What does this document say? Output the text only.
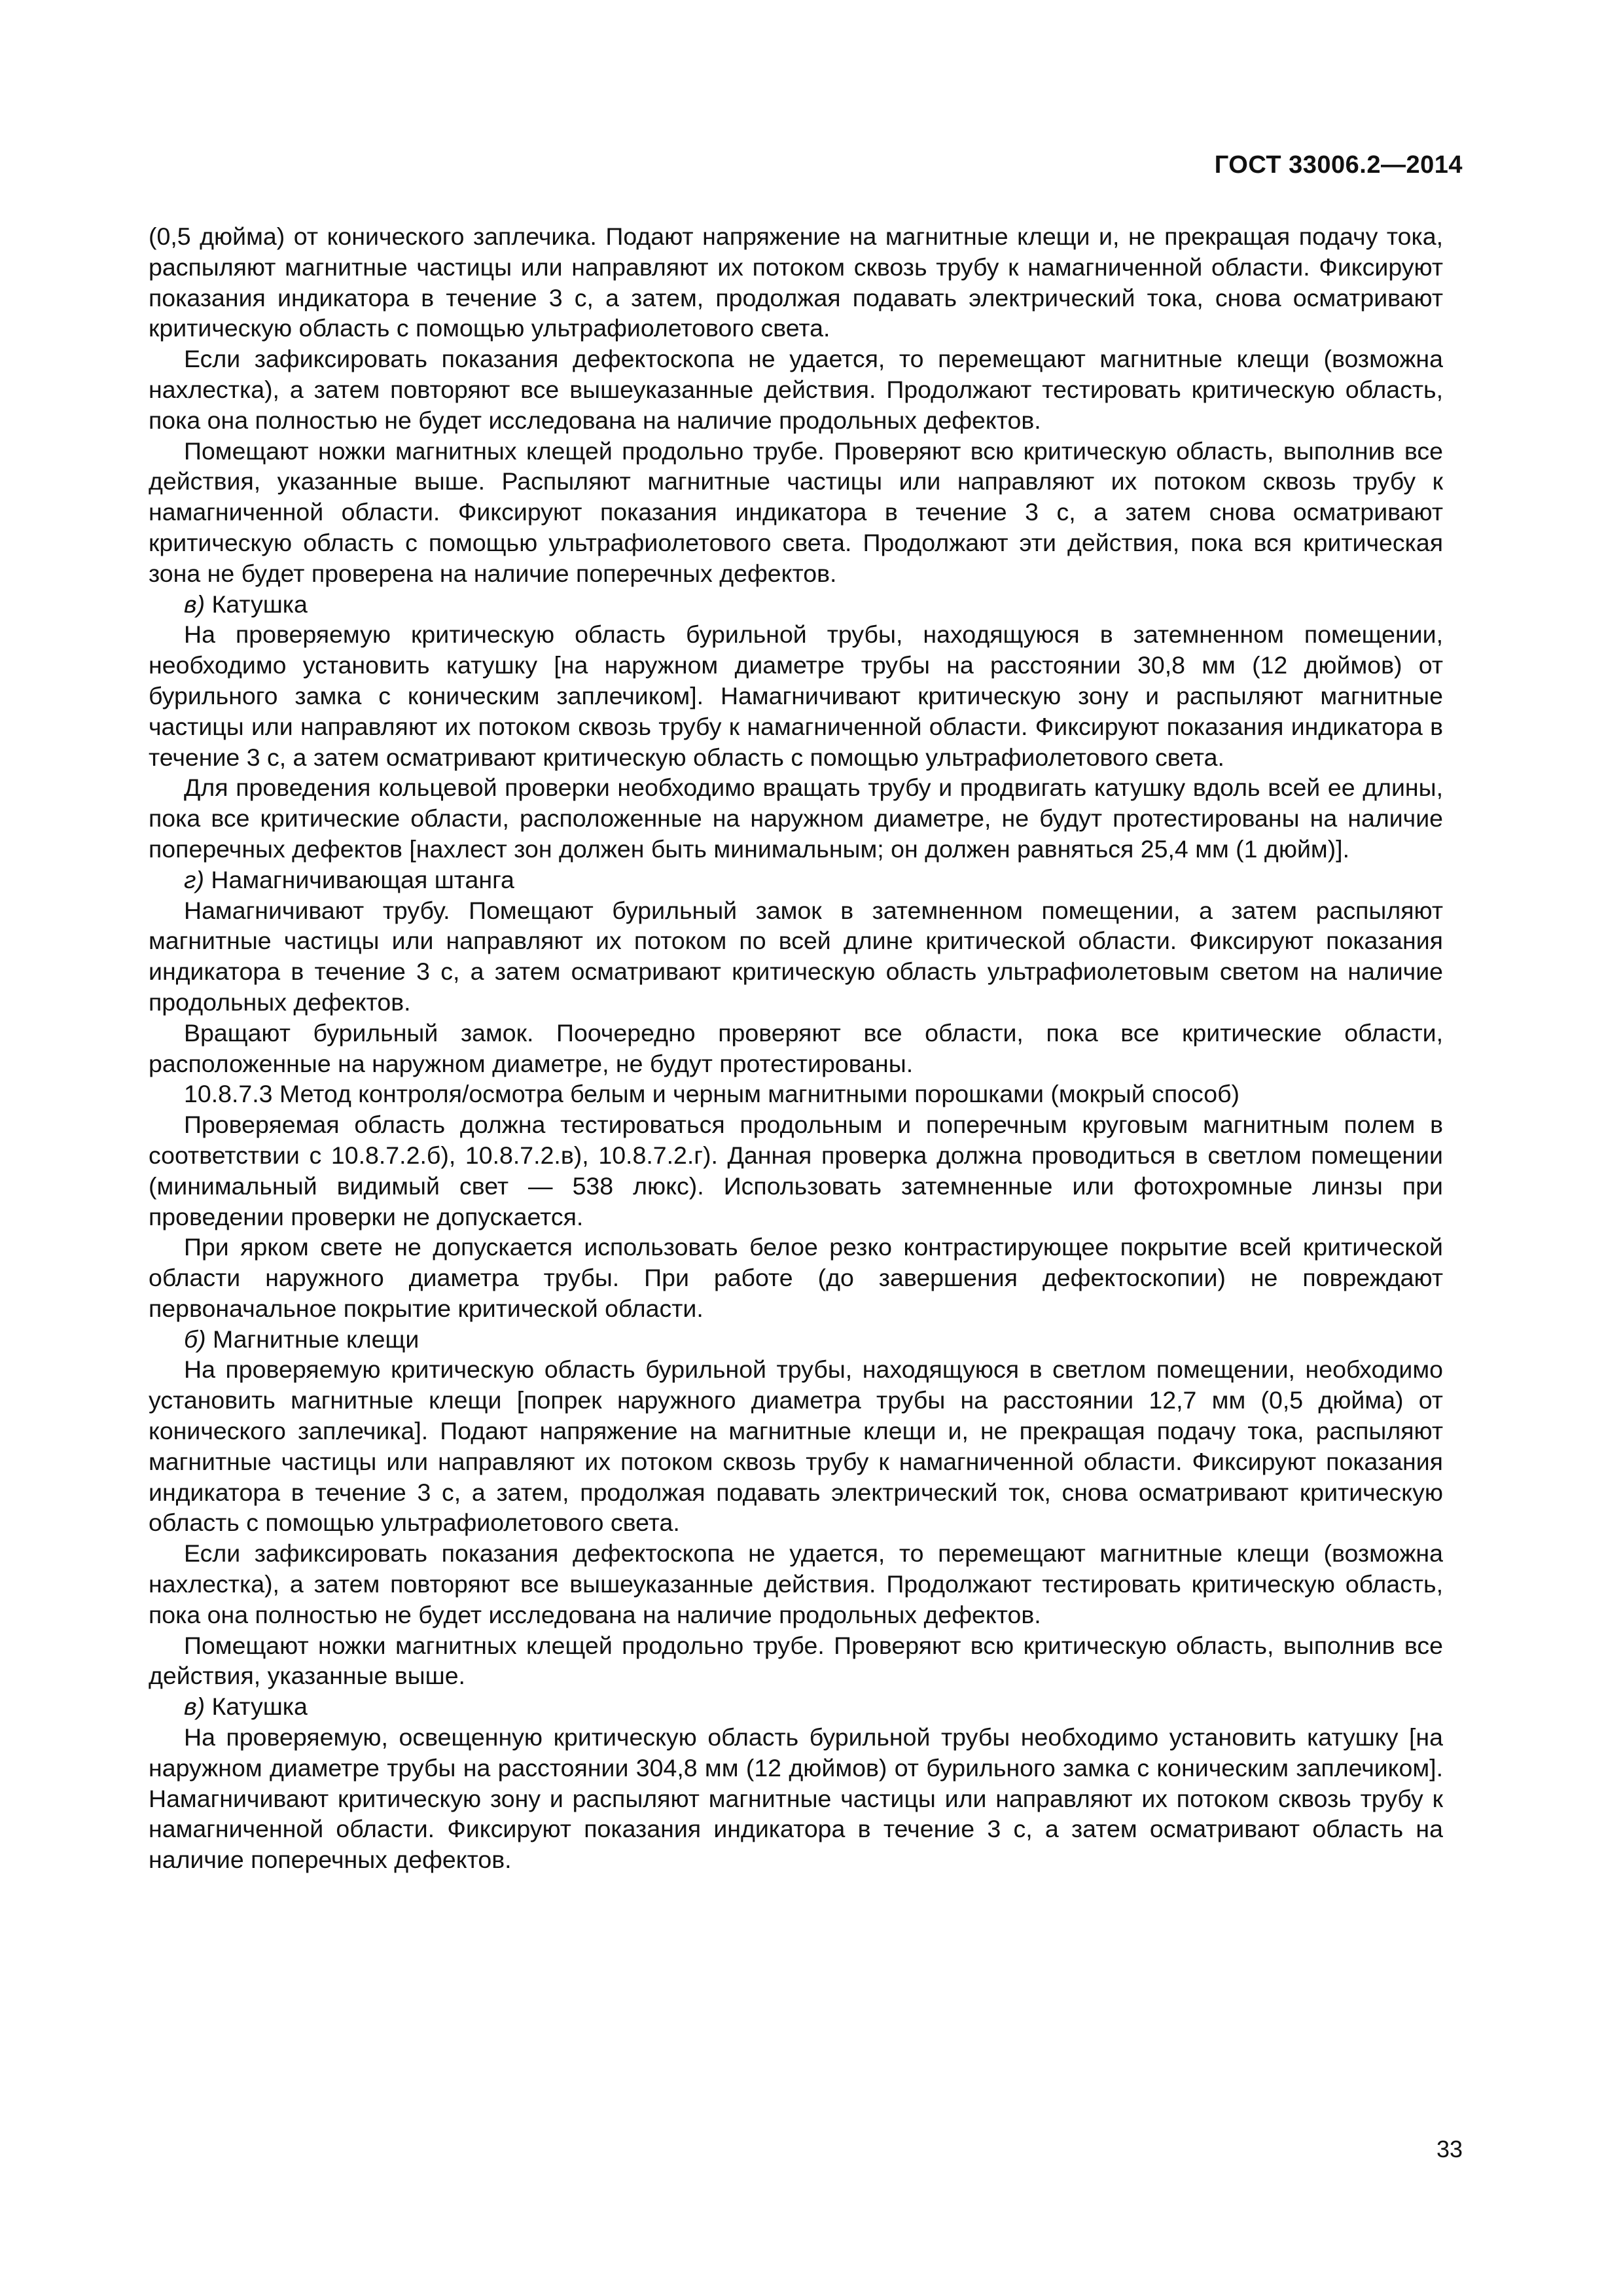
ГОСТ 33006.2—2014

(0,5 дюйма) от конического заплечика. Подают напряжение на магнитные клещи и, не прекращая подачу тока, распыляют магнитные частицы или направляют их потоком сквозь трубу к намагниченной области. Фиксируют показания индикатора в течение 3 с, а затем, продолжая подавать электрический тока, снова осматривают критическую область с помощью ультрафиолетового света.

Если зафиксировать показания дефектоскопа не удается, то перемещают магнитные клещи (возможна нахлестка), а затем повторяют все вышеуказанные действия. Продолжают тестировать критическую область, пока она полностью не будет исследована на наличие продольных дефектов.

Помещают ножки магнитных клещей продольно трубе. Проверяют всю критическую область, выполнив все действия, указанные выше. Распыляют магнитные частицы или направляют их потоком сквозь трубу к намагниченной области. Фиксируют показания индикатора в течение 3 с, а затем снова осматривают критическую область с помощью ультрафиолетового света. Продолжают эти действия, пока вся критическая зона не будет проверена на наличие поперечных дефектов.

в) Катушка

На проверяемую критическую область бурильной трубы, находящуюся в затемненном помещении, необходимо установить катушку [на наружном диаметре трубы на расстоянии 30,8 мм (12 дюймов) от бурильного замка с коническим заплечиком]. Намагничивают критическую зону и распыляют магнитные частицы или направляют их потоком сквозь трубу к намагниченной области. Фиксируют показания индикатора в течение 3 с, а затем осматривают критическую область с помощью ультрафиолетового света.

Для проведения кольцевой проверки необходимо вращать трубу и продвигать катушку вдоль всей ее длины, пока все критические области, расположенные на наружном диаметре, не будут протестированы на наличие поперечных дефектов [нахлест зон должен быть минимальным; он должен равняться 25,4 мм (1 дюйм)].

г) Намагничивающая штанга

Намагничивают трубу. Помещают бурильный замок в затемненном помещении, а затем распыляют магнитные частицы или направляют их потоком по всей длине критической области. Фиксируют показания индикатора в течение 3 с, а затем осматривают критическую область ультрафиолетовым светом на наличие продольных дефектов.

Вращают бурильный замок. Поочередно проверяют все области, пока все критические области, расположенные на наружном диаметре, не будут протестированы.

10.8.7.3 Метод контроля/осмотра белым и черным магнитными порошками (мокрый способ)

Проверяемая область должна тестироваться продольным и поперечным круговым магнитным полем в соответствии с 10.8.7.2.б), 10.8.7.2.в), 10.8.7.2.г). Данная проверка должна проводиться в светлом помещении (минимальный видимый свет — 538 люкс). Использовать затемненные или фотохромные линзы при проведении проверки не допускается.

При ярком свете не допускается использовать белое резко контрастирующее покрытие всей критической области наружного диаметра трубы. При работе (до завершения дефектоскопии) не повреждают первоначальное покрытие критической области.

б) Магнитные клещи

На проверяемую критическую область бурильной трубы, находящуюся в светлом помещении, необходимо установить магнитные клещи [попрек наружного диаметра трубы на расстоянии 12,7 мм (0,5 дюйма) от конического заплечика]. Подают напряжение на магнитные клещи и, не прекращая подачу тока, распыляют магнитные частицы или направляют их потоком сквозь трубу к намагниченной области. Фиксируют показания индикатора в течение 3 с, а затем, продолжая подавать электрический ток, снова осматривают критическую область с помощью ультрафиолетового света.

Если зафиксировать показания дефектоскопа не удается, то перемещают магнитные клещи (возможна нахлестка), а затем повторяют все вышеуказанные действия. Продолжают тестировать критическую область, пока она полностью не будет исследована на наличие продольных дефектов.

Помещают ножки магнитных клещей продольно трубе. Проверяют всю критическую область, выполнив все действия, указанные выше.

в) Катушка

На проверяемую, освещенную критическую область бурильной трубы необходимо установить катушку [на наружном диаметре трубы на расстоянии 304,8 мм (12 дюймов) от бурильного замка с коническим заплечиком]. Намагничивают критическую зону и распыляют магнитные частицы или направляют их потоком сквозь трубу к намагниченной области. Фиксируют показания индикатора в течение 3 с, а затем осматривают область на наличие поперечных дефектов.

33
